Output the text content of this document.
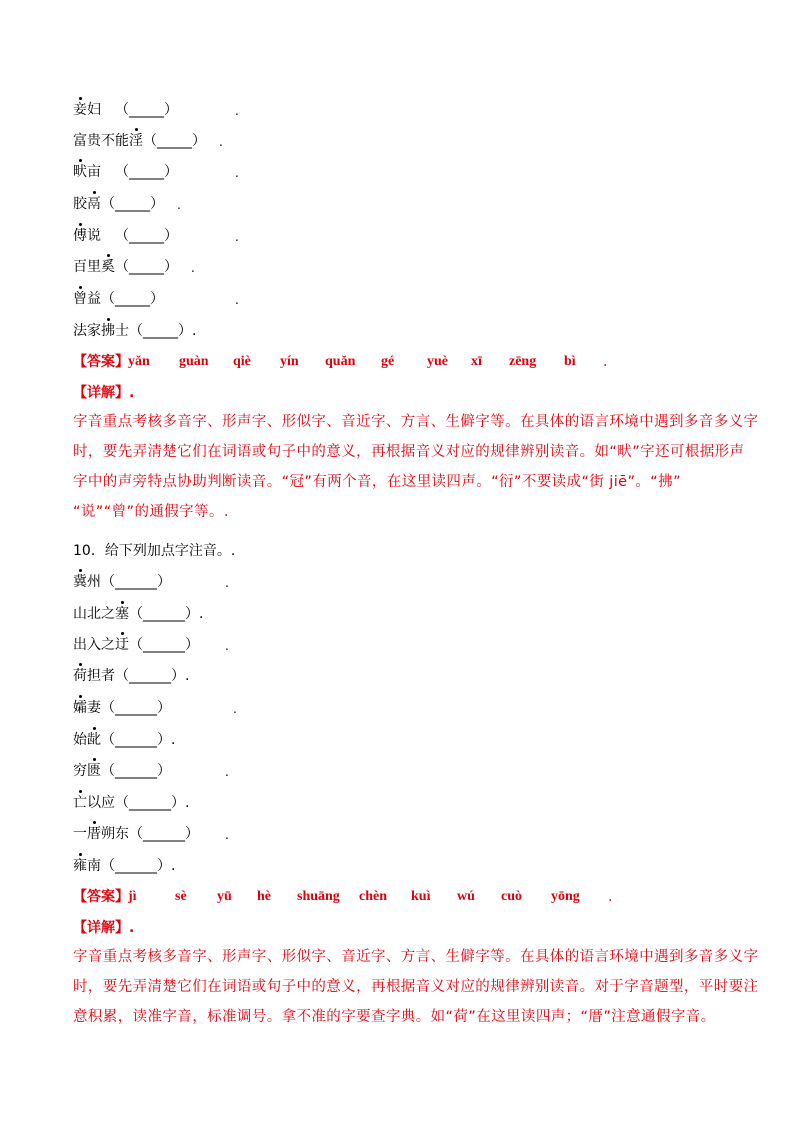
妾妇 （_____）	.
富贵不能淫（_____） .
畎亩 （_____）	.
胶鬲（_____） .
傅说 （_____）	.
百里奚（_____） .
曾益（_____）	.
法家拂士（_____）.
【答案】 yǎn guàn qiè yín quǎn gé yuè xī zēng bì .
【详解】.
字音重点考核多音字、形声字、形似字、音近字、方言、生僻字等。在具体的语言环境中遇到多音多义字
时，要先弄清楚它们在词语或句子中的意义，再根据音义对应的规律辨别读音。如“畎”字还可根据形声
字中的声旁特点协助判断读音。“冠”有两个音，在这里读四声。“衍”不要读成“街 jiē”。“拂”
“说”“曾”的通假字等。.
10．给下列加点字注音。.
冀州（______）	.
山北之塞（______）.
出入之迂（______） .
荷担者（______）.
孀妻（______）	.
始龀（______）.
穷匮（______）	.
亡以应（______）.
一厝朔东（______） .
雍南（______）.
【答案】 jì	sè yū hè shuāng chèn kuì wú cuò yōng .
【详解】.
字音重点考核多音字、形声字、形似字、音近字、方言、生僻字等。在具体的语言环境中遇到多音多义字
时，要先弄清楚它们在词语或句子中的意义，再根据音义对应的规律辨别读音。对于字音题型，平时要注
意积累，读准字音，标准调号。拿不准的字要查字典。如“荷”在这里读四声；“厝”注意通假字音。
